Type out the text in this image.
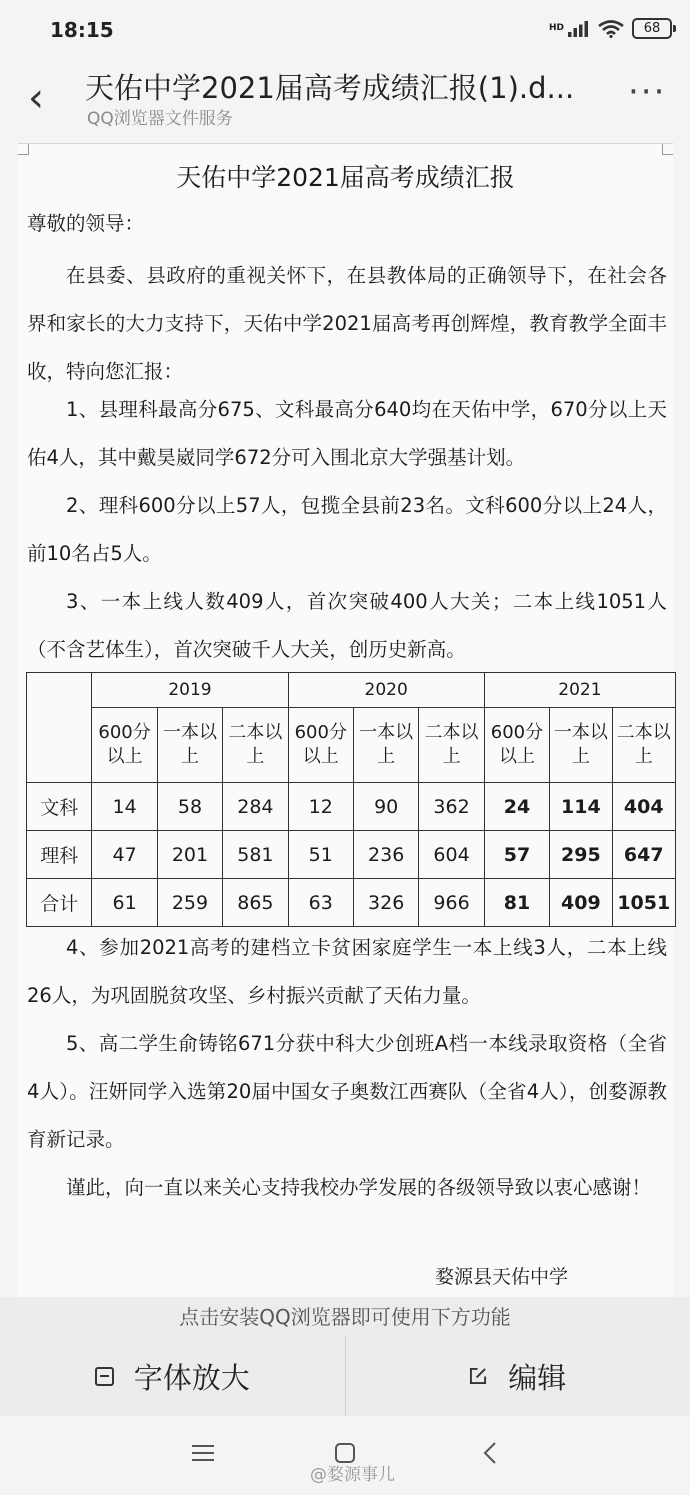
18:15	HD	68
‹ 天佑中学2021届高考成绩汇报(1).d...
QQ浏览器文件服务
···
天佑中学2021届高考成绩汇报

尊敬的领导：

在县委、县政府的重视关怀下，在县教体局的正确领导下，在社会各界和家长的大力支持下，天佑中学2021届高考再创辉煌，教育教学全面丰收，特向您汇报：

1、县理科最高分675、文科最高分640均在天佑中学，670分以上天佑4人，其中戴昊崴同学672分可入围北京大学强基计划。

2、理科600分以上57人，包揽全县前23名。文科600分以上24人，前10名占5人。

3、一本上线人数409人，首次突破400人大关；二本上线1051人（不含艺体生），首次突破千人大关，创历史新高。

	2019			2020			2021		
	600分以上	一本以上	二本以上	600分以上	一本以上	二本以上	600分以上	一本以上	二本以上
文科	14	58	284	12	90	362	24	114	404
理科	47	201	581	51	236	604	57	295	647
合计	61	259	865	63	326	966	81	409	1051

4、参加2021高考的建档立卡贫困家庭学生一本上线3人，二本上线26人，为巩固脱贫攻坚、乡村振兴贡献了天佑力量。

5、高二学生俞铸铭671分获中科大少创班A档一本线录取资格（全省4人）。汪妍同学入选第20届中国女子奥数江西赛队（全省4人），创婺源教育新记录。

谨此，向一直以来关心支持我校办学发展的各级领导致以衷心感谢！

婺源县天佑中学
点击安装QQ浏览器即可使用下方功能
字体放大	编辑
@婺源事儿
